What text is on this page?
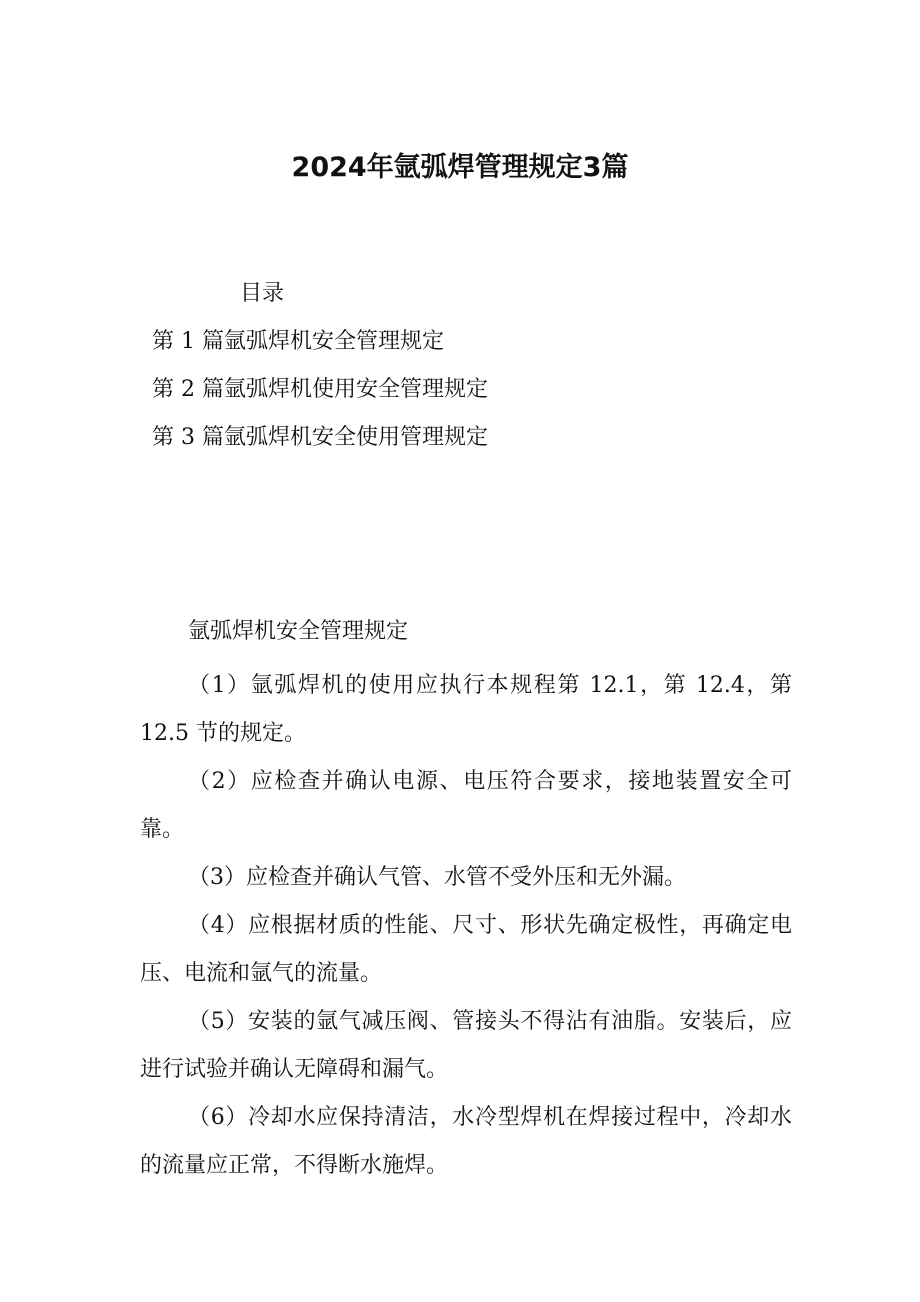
2024年氩弧焊管理规定3篇
目录
第 1 篇氩弧焊机安全管理规定
第 2 篇氩弧焊机使用安全管理规定
第 3 篇氩弧焊机安全使用管理规定
氩弧焊机安全管理规定

（1）氩弧焊机的使用应执行本规程第 12.1，第 12.4，第 12.5 节的规定。

（2）应检查并确认电源、电压符合要求，接地装置安全可靠。

（3）应检查并确认气管、水管不受外压和无外漏。

（4）应根据材质的性能、尺寸、形状先确定极性，再确定电压、电流和氩气的流量。

（5）安装的氩气减压阀、管接头不得沾有油脂。安装后，应进行试验并确认无障碍和漏气。

（6）冷却水应保持清洁，水冷型焊机在焊接过程中，冷却水的流量应正常，不得断水施焊。
